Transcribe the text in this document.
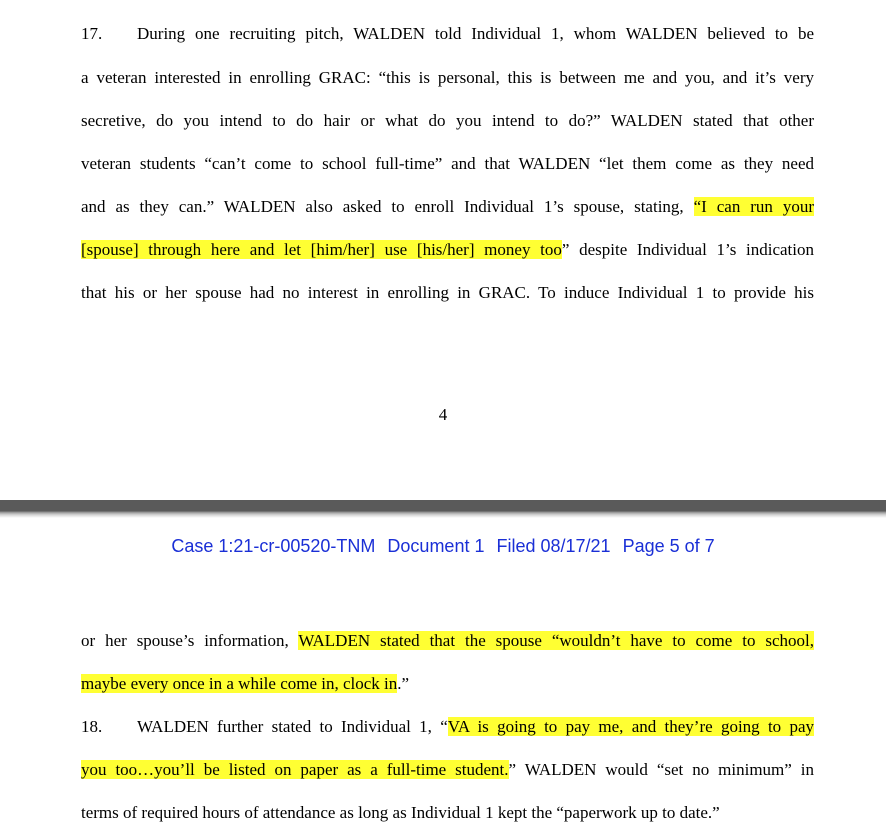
17. During one recruiting pitch, WALDEN told Individual 1, whom WALDEN believed to be
a veteran interested in enrolling GRAC: “this is personal, this is between me and you, and it’s very
secretive, do you intend to do hair or what do you intend to do?” WALDEN stated that other
veteran students “can’t come to school full-time” and that WALDEN “let them come as they need
and as they can.” WALDEN also asked to enroll Individual 1’s spouse, stating, “I can run your
[spouse] through here and let [him/her] use [his/her] money too” despite Individual 1’s indication
that his or her spouse had no interest in enrolling in GRAC. To induce Individual 1 to provide his
4
Case 1:21-cr-00520-TNM Document 1 Filed 08/17/21 Page 5 of 7
or her spouse’s information, WALDEN stated that the spouse “wouldn’t have to come to school,
maybe every once in a while come in, clock in.”
18. WALDEN further stated to Individual 1, “VA is going to pay me, and they’re going to pay
you too…you’ll be listed on paper as a full-time student.” WALDEN would “set no minimum” in
terms of required hours of attendance as long as Individual 1 kept the “paperwork up to date.”
